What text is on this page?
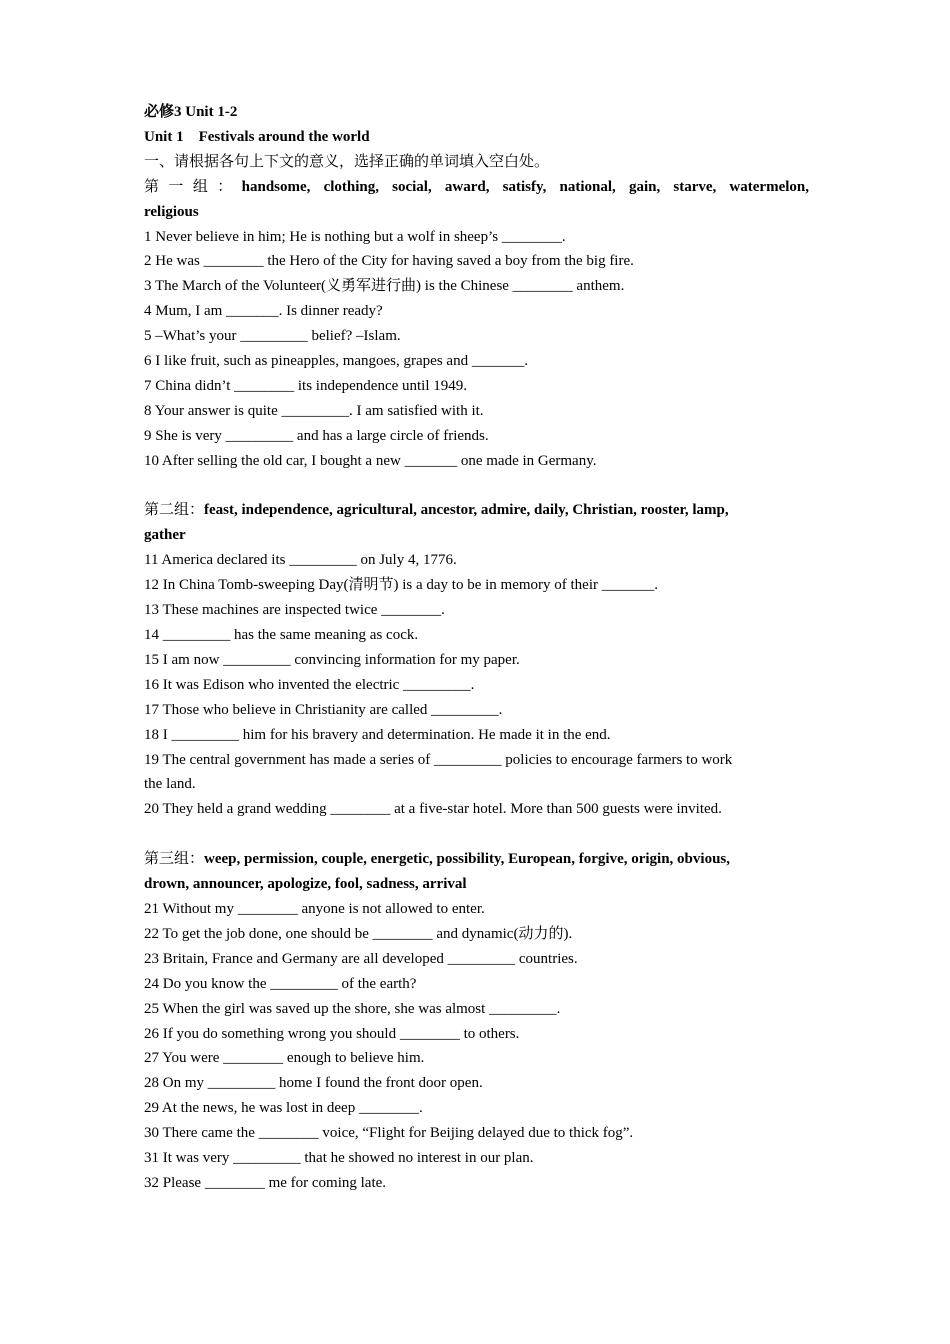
必修3 Unit 1-2

Unit 1    Festivals around the world

一、请根据各句上下文的意义，选择正确的单词填入空白处。

第一组：handsome, clothing, social, award, satisfy, national, gain, starve, watermelon,

religious

1 Never believe in him; He is nothing but a wolf in sheep’s ________.

2 He was ________ the Hero of the City for having saved a boy from the big fire.

3 The March of the Volunteer(义勇军进行曲) is the Chinese ________ anthem.

4 Mum, I am _______. Is dinner ready?

5 –What’s your _________ belief? –Islam.

6 I like fruit, such as pineapples, mangoes, grapes and _______.

7 China didn’t ________ its independence until 1949.

8 Your answer is quite _________. I am satisfied with it.

9 She is very _________ and has a large circle of friends.

10 After selling the old car, I bought a new _______ one made in Germany.

第二组：feast, independence, agricultural, ancestor, admire, daily, Christian, rooster, lamp,

gather

11 America declared its _________ on July 4, 1776.

12 In China Tomb-sweeping Day(清明节) is a day to be in memory of their _______.

13 These machines are inspected twice ________.

14 _________ has the same meaning as cock.

15 I am now _________ convincing information for my paper.

16 It was Edison who invented the electric _________.

17 Those who believe in Christianity are called _________.

18 I _________ him for his bravery and determination. He made it in the end.

19 The central government has made a series of _________ policies to encourage farmers to work

the land.

20 They held a grand wedding ________ at a five-star hotel. More than 500 guests were invited.

第三组：weep, permission, couple, energetic, possibility, European, forgive, origin, obvious,

drown, announcer, apologize, fool, sadness, arrival

21 Without my ________ anyone is not allowed to enter.

22 To get the job done, one should be ________ and dynamic(动力的).

23 Britain, France and Germany are all developed _________ countries.

24 Do you know the _________ of the earth?

25 When the girl was saved up the shore, she was almost _________.

26 If you do something wrong you should ________ to others.

27 You were ________ enough to believe him.

28 On my _________ home I found the front door open.

29 At the news, he was lost in deep ________.

30 There came the ________ voice, “Flight for Beijing delayed due to thick fog”.

31 It was very _________ that he showed no interest in our plan.

32 Please ________ me for coming late.
